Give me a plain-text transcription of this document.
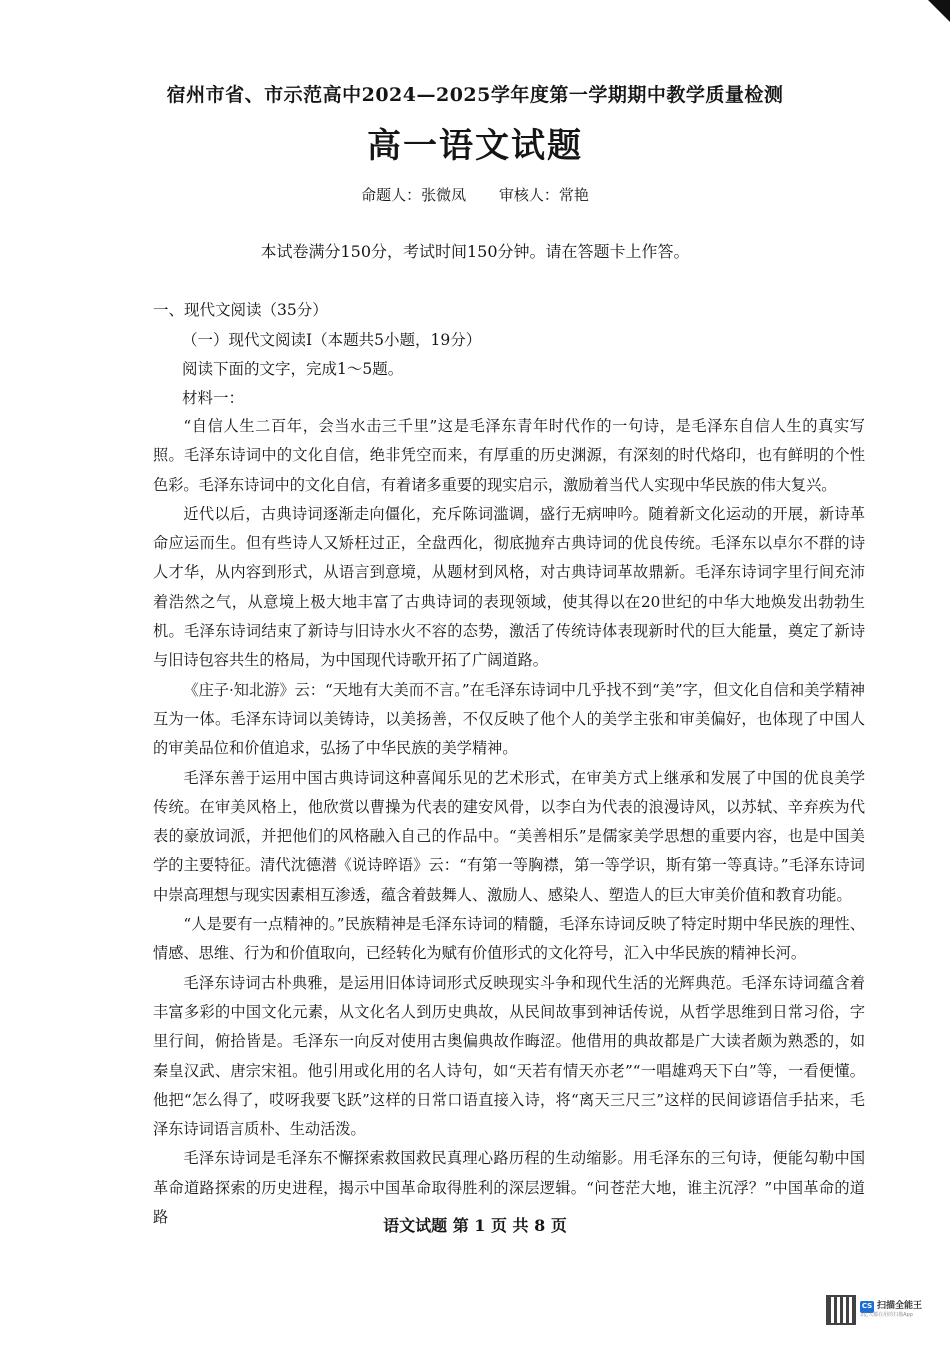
宿州市省、市示范高中2024—2025学年度第一学期期中教学质量检测
高一语文试题
命题人：张微凤 审核人：常艳
本试卷满分150分，考试时间150分钟。请在答题卡上作答。
一、现代文阅读（35分）
（一）现代文阅读Ⅰ（本题共5小题，19分）
阅读下面的文字，完成1～5题。
材料一：

“自信人生二百年，会当水击三千里”这是毛泽东青年时代作的一句诗，是毛泽东自信人生的真实写照。毛泽东诗词中的文化自信，绝非凭空而来，有厚重的历史渊源，有深刻的时代烙印，也有鲜明的个性色彩。毛泽东诗词中的文化自信，有着诸多重要的现实启示，激励着当代人实现中华民族的伟大复兴。

近代以后，古典诗词逐渐走向僵化，充斥陈词滥调，盛行无病呻吟。随着新文化运动的开展，新诗革命应运而生。但有些诗人又矫枉过正，全盘西化，彻底抛弃古典诗词的优良传统。毛泽东以卓尔不群的诗人才华，从内容到形式，从语言到意境，从题材到风格，对古典诗词革故鼎新。毛泽东诗词字里行间充沛着浩然之气，从意境上极大地丰富了古典诗词的表现领域，使其得以在20世纪的中华大地焕发出勃勃生机。毛泽东诗词结束了新诗与旧诗水火不容的态势，激活了传统诗体表现新时代的巨大能量，奠定了新诗与旧诗包容共生的格局，为中国现代诗歌开拓了广阔道路。

《庄子·知北游》云：“天地有大美而不言。”在毛泽东诗词中几乎找不到“美”字，但文化自信和美学精神互为一体。毛泽东诗词以美铸诗，以美扬善，不仅反映了他个人的美学主张和审美偏好，也体现了中国人的审美品位和价值追求，弘扬了中华民族的美学精神。

毛泽东善于运用中国古典诗词这种喜闻乐见的艺术形式，在审美方式上继承和发展了中国的优良美学传统。在审美风格上，他欣赏以曹操为代表的建安风骨，以李白为代表的浪漫诗风，以苏轼、辛弃疾为代表的豪放词派，并把他们的风格融入自己的作品中。“美善相乐”是儒家美学思想的重要内容，也是中国美学的主要特征。清代沈德潜《说诗晬语》云：“有第一等胸襟，第一等学识，斯有第一等真诗。”毛泽东诗词中崇高理想与现实因素相互渗透，蕴含着鼓舞人、激励人、感染人、塑造人的巨大审美价值和教育功能。

“人是要有一点精神的。”民族精神是毛泽东诗词的精髓，毛泽东诗词反映了特定时期中华民族的理性、情感、思维、行为和价值取向，已经转化为赋有价值形式的文化符号，汇入中华民族的精神长河。

毛泽东诗词古朴典雅，是运用旧体诗词形式反映现实斗争和现代生活的光辉典范。毛泽东诗词蕴含着丰富多彩的中国文化元素，从文化名人到历史典故，从民间故事到神话传说，从哲学思维到日常习俗，字里行间，俯拾皆是。毛泽东一向反对使用古奥偏典故作晦涩。他借用的典故都是广大读者颇为熟悉的，如秦皇汉武、唐宗宋祖。他引用或化用的名人诗句，如“天若有情天亦老”“一唱雄鸡天下白”等，一看便懂。他把“怎么得了，哎呀我要飞跃”这样的日常口语直接入诗，将“离天三尺三”这样的民间谚语信手拈来，毛泽东诗词语言质朴、生动活泼。

毛泽东诗词是毛泽东不懈探索救国救民真理心路历程的生动缩影。用毛泽东的三句诗，便能勾勒中国革命道路探索的历史进程，揭示中国革命取得胜利的深层逻辑。“问苍茫大地，谁主沉浮？”中国革命的道路	语文试题 第 1 页 共 8 页
CS 扫描全能王
3亿人都在用的扫描App
